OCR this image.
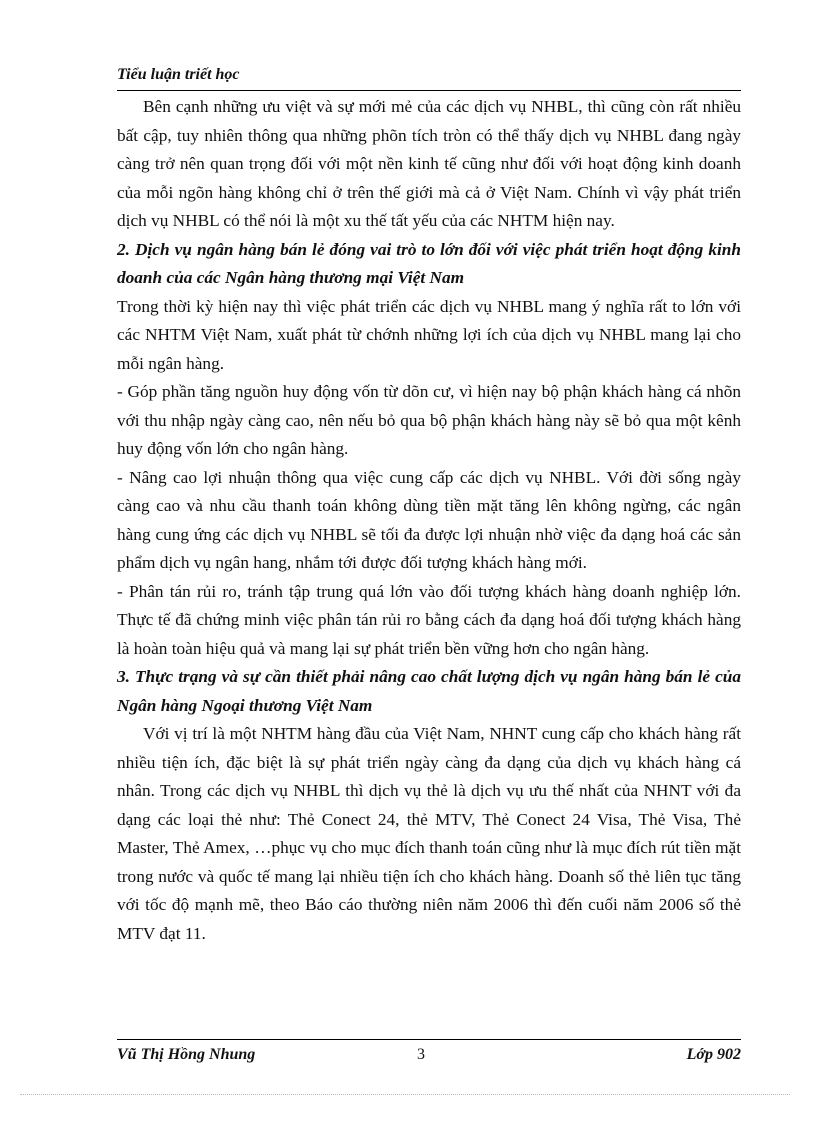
Tiểu luận triết học

Bên cạnh những ưu việt và sự mới mẻ của các dịch vụ NHBL, thì cũng còn rất nhiều bất cập, tuy nhiên thông qua những phõn tích tròn có thể thấy dịch vụ NHBL đang ngày càng trở nên quan trọng đối với một nền kinh tế cũng như đối với hoạt động kinh doanh của mỗi ngõn hàng không chỉ ở trên thế giới mà cả ở Việt Nam. Chính vì vậy phát triển dịch vụ NHBL có thể nói là một xu thế tất yếu của các NHTM hiện nay.

2. Dịch vụ ngân hàng bán lẻ đóng vai trò to lớn đối với việc phát triển hoạt động kinh doanh của các Ngân hàng thương mại Việt Nam

Trong thời kỳ hiện nay thì việc phát triển các dịch vụ NHBL mang ý nghĩa rất to lớn với các NHTM Việt Nam, xuất phát từ chớnh những lợi ích của dịch vụ NHBL mang lại cho mỗi ngân hàng.

- Góp phần tăng nguồn huy động vốn từ dõn cư, vì hiện nay bộ phận khách hàng cá nhõn với thu nhập ngày càng cao, nên nếu bỏ qua bộ phận khách hàng này sẽ bỏ qua một kênh huy động vốn lớn cho ngân hàng.

- Nâng cao lợi nhuận thông qua việc cung cấp các dịch vụ NHBL. Với đời sống ngày càng cao và nhu cầu thanh toán không dùng tiền mặt tăng lên không ngừng, các ngân hàng cung ứng các dịch vụ NHBL sẽ tối đa được lợi nhuận nhờ việc đa dạng hoá các sản phẩm dịch vụ ngân hang, nhắm tới được đối tượng khách hàng mới.

- Phân tán rủi ro, tránh tập trung quá lớn vào đối tượng khách hàng doanh nghiệp lớn. Thực tế đã chứng minh việc phân tán rủi ro bằng cách đa dạng hoá đối tượng khách hàng là hoàn toàn hiệu quả và mang lại sự phát triển bền vững hơn cho ngân hàng.

3. Thực trạng và sự cần thiết phải nâng cao chất lượng dịch vụ ngân hàng bán lẻ của Ngân hàng Ngoại thương Việt Nam

Với vị trí là một NHTM hàng đầu của Việt Nam, NHNT cung cấp cho khách hàng rất nhiều tiện ích, đặc biệt là sự phát triển ngày càng đa dạng của dịch vụ khách hàng cá nhân. Trong các dịch vụ NHBL thì dịch vụ thẻ là dịch vụ ưu thế nhất của NHNT với đa dạng các loại thẻ như: Thẻ Conect 24, thẻ MTV, Thẻ Conect 24 Visa, Thẻ Visa, Thẻ Master, Thẻ Amex, …phục vụ cho mục đích thanh toán cũng như là mục đích rút tiền mặt trong nước và quốc tế mang lại nhiều tiện ích cho khách hàng. Doanh số thẻ liên tục tăng với tốc độ mạnh mẽ, theo Báo cáo thường niên năm 2006 thì đến cuối năm 2006 số thẻ MTV đạt 11.

Vũ Thị Hồng Nhung	3	Lớp 902
